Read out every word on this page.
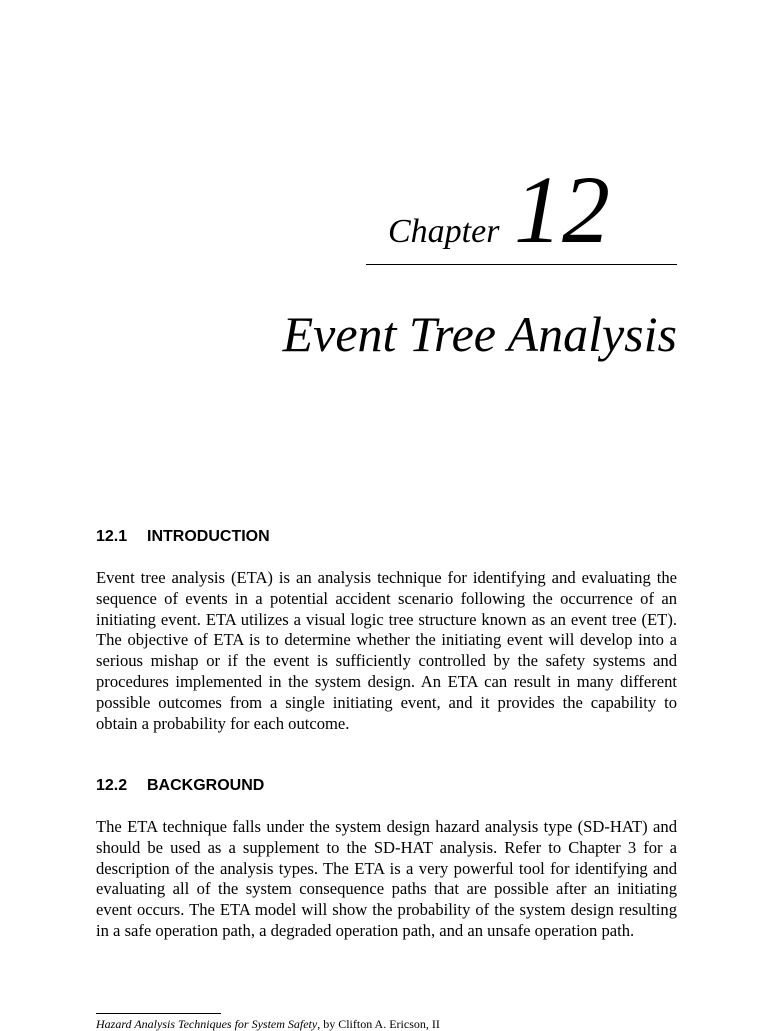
Chapter 12
Event Tree Analysis
12.1 INTRODUCTION

Event tree analysis (ETA) is an analysis technique for identifying and evaluating the sequence of events in a potential accident scenario following the occurrence of an initiating event. ETA utilizes a visual logic tree structure known as an event tree (ET). The objective of ETA is to determine whether the initiating event will develop into a serious mishap or if the event is sufficiently controlled by the safety systems and procedures implemented in the system design. An ETA can result in many different possible outcomes from a single initiating event, and it provides the capability to obtain a probability for each outcome.

12.2 BACKGROUND

The ETA technique falls under the system design hazard analysis type (SD-HAT) and should be used as a supplement to the SD-HAT analysis. Refer to Chapter 3 for a description of the analysis types. The ETA is a very powerful tool for identifying and evaluating all of the system consequence paths that are possible after an initiating event occurs. The ETA model will show the probability of the system design resulting in a safe operation path, a degraded operation path, and an unsafe operation path.

Hazard Analysis Techniques for System Safety, by Clifton A. Ericson, II
